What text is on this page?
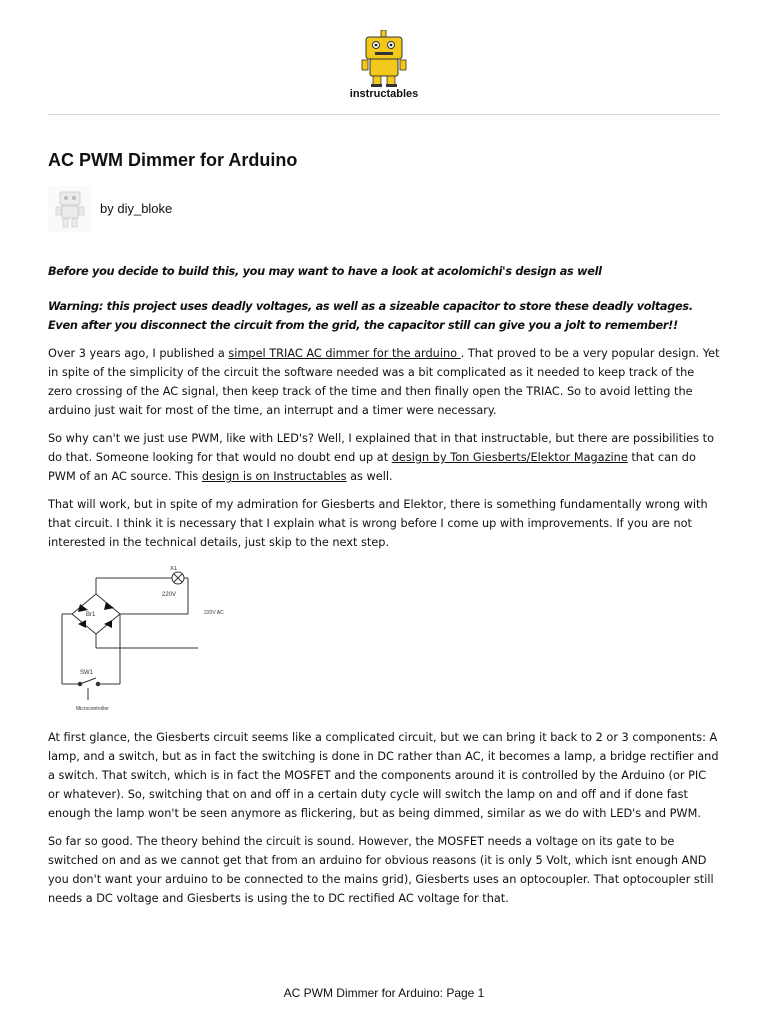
instructables
AC PWM Dimmer for Arduino
by diy_bloke

Before you decide to build this, you may want to have a look at acolomichi's design as well

Warning: this project uses deadly voltages, as well as a sizeable capacitor to store these deadly voltages. Even after you disconnect the circuit from the grid, the capacitor still can give you a jolt to remember!!

Over 3 years ago, I published a simpel TRIAC AC dimmer for the arduino . That proved to be a very popular design. Yet in spite of the simplicity of the circuit the software needed was a bit complicated as it needed to keep track of the zero crossing of the AC signal, then keep track of the time and then finally open the TRIAC. So to avoid letting the arduino just wait for most of the time, an interrupt and a timer were necessary.

So why can't we just use PWM, like with LED's? Well, I explained that in that instructable, but there are possibilities to do that. Someone looking for that would no doubt end up at design by Ton Giesberts/Elektor Magazine that can do PWM of an AC source. This design is on Instructables as well.

That will work, but in spite of my admiration for Giesberts and Elektor, there is something fundamentally wrong with that circuit. I think it is necessary that I explain what is wrong before I come up with improvements. If you are not interested in the technical details, just skip to the next step.

X1
220V
Br1	220V AC
SW1
Microcontroller

At first glance, the Giesberts circuit seems like a complicated circuit, but we can bring it back to 2 or 3 components: A lamp, and a switch, but as in fact the switching is done in DC rather than AC, it becomes a lamp, a bridge rectifier and a switch. That switch, which is in fact the MOSFET and the components around it is controlled by the Arduino (or PIC or whatever). So, switching that on and off in a certain duty cycle will switch the lamp on and off and if done fast enough the lamp won't be seen anymore as flickering, but as being dimmed, similar as we do with LED's and PWM.

So far so good. The theory behind the circuit is sound. However, the MOSFET needs a voltage on its gate to be switched on and as we cannot get that from an arduino for obvious reasons (it is only 5 Volt, which isnt enough AND you don't want your arduino to be connected to the mains grid), Giesberts uses an optocoupler. That optocoupler still needs a DC voltage and Giesberts is using the to DC rectified AC voltage for that.

AC PWM Dimmer for Arduino: Page 1
